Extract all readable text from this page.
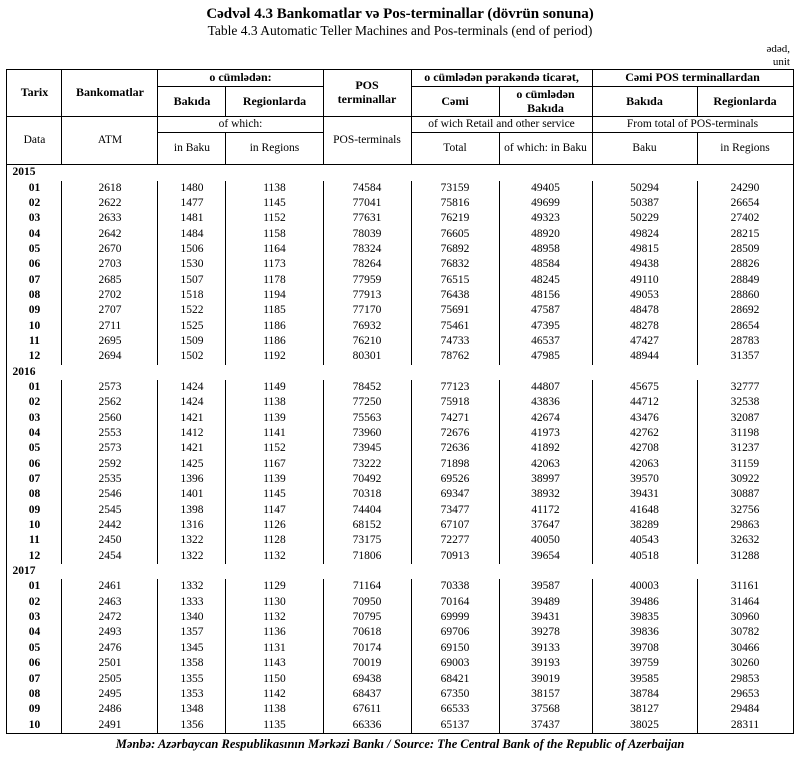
Cədvəl 4.3 Bankomatlar və Pos-terminallar (dövrün sonuna)
Table 4.3 Automatic Teller Machines and Pos-terminals (end of period)
ədəd,
unit
Tarix	Bankomatlar	o cümlədən:		POS terminallar	o cümlədən pərakəndə ticarət,		Cəmi POS terminallardan	
		Bakıda	Regionlarda		Cəmi	o cümlədən Bakıda	Bakıda	Regionlarda
Data	ATM	of which:		POS-terminals	of wich Retail and other service		From total of POS-terminals	
		in Baku	in Regions		Total	of which: in Baku	Baku	in Regions
2015								
01	2618	1480	1138	74584	73159	49405	50294	24290
02	2622	1477	1145	77041	75816	49699	50387	26654
03	2633	1481	1152	77631	76219	49323	50229	27402
04	2642	1484	1158	78039	76605	48920	49824	28215
05	2670	1506	1164	78324	76892	48958	49815	28509
06	2703	1530	1173	78264	76832	48584	49438	28826
07	2685	1507	1178	77959	76515	48245	49110	28849
08	2702	1518	1194	77913	76438	48156	49053	28860
09	2707	1522	1185	77170	75691	47587	48478	28692
10	2711	1525	1186	76932	75461	47395	48278	28654
11	2695	1509	1186	76210	74733	46537	47427	28783
12	2694	1502	1192	80301	78762	47985	48944	31357
2016								
01	2573	1424	1149	78452	77123	44807	45675	32777
02	2562	1424	1138	77250	75918	43836	44712	32538
03	2560	1421	1139	75563	74271	42674	43476	32087
04	2553	1412	1141	73960	72676	41973	42762	31198
05	2573	1421	1152	73945	72636	41892	42708	31237
06	2592	1425	1167	73222	71898	42063	42063	31159
07	2535	1396	1139	70492	69526	38997	39570	30922
08	2546	1401	1145	70318	69347	38932	39431	30887
09	2545	1398	1147	74404	73477	41172	41648	32756
10	2442	1316	1126	68152	67107	37647	38289	29863
11	2450	1322	1128	73175	72277	40050	40543	32632
12	2454	1322	1132	71806	70913	39654	40518	31288
2017								
01	2461	1332	1129	71164	70338	39587	40003	31161
02	2463	1333	1130	70950	70164	39489	39486	31464
03	2472	1340	1132	70795	69999	39431	39835	30960
04	2493	1357	1136	70618	69706	39278	39836	30782
05	2476	1345	1131	70174	69150	39133	39708	30466
06	2501	1358	1143	70019	69003	39193	39759	30260
07	2505	1355	1150	69438	68421	39019	39585	29853
08	2495	1353	1142	68437	67350	38157	38784	29653
09	2486	1348	1138	67611	66533	37568	38127	29484
10	2491	1356	1135	66336	65137	37437	38025	28311
Mənbə: Azərbaycan Respublikasının Mərkəzi Bankı / Source: The Central Bank of the Republic of Azerbaijan
